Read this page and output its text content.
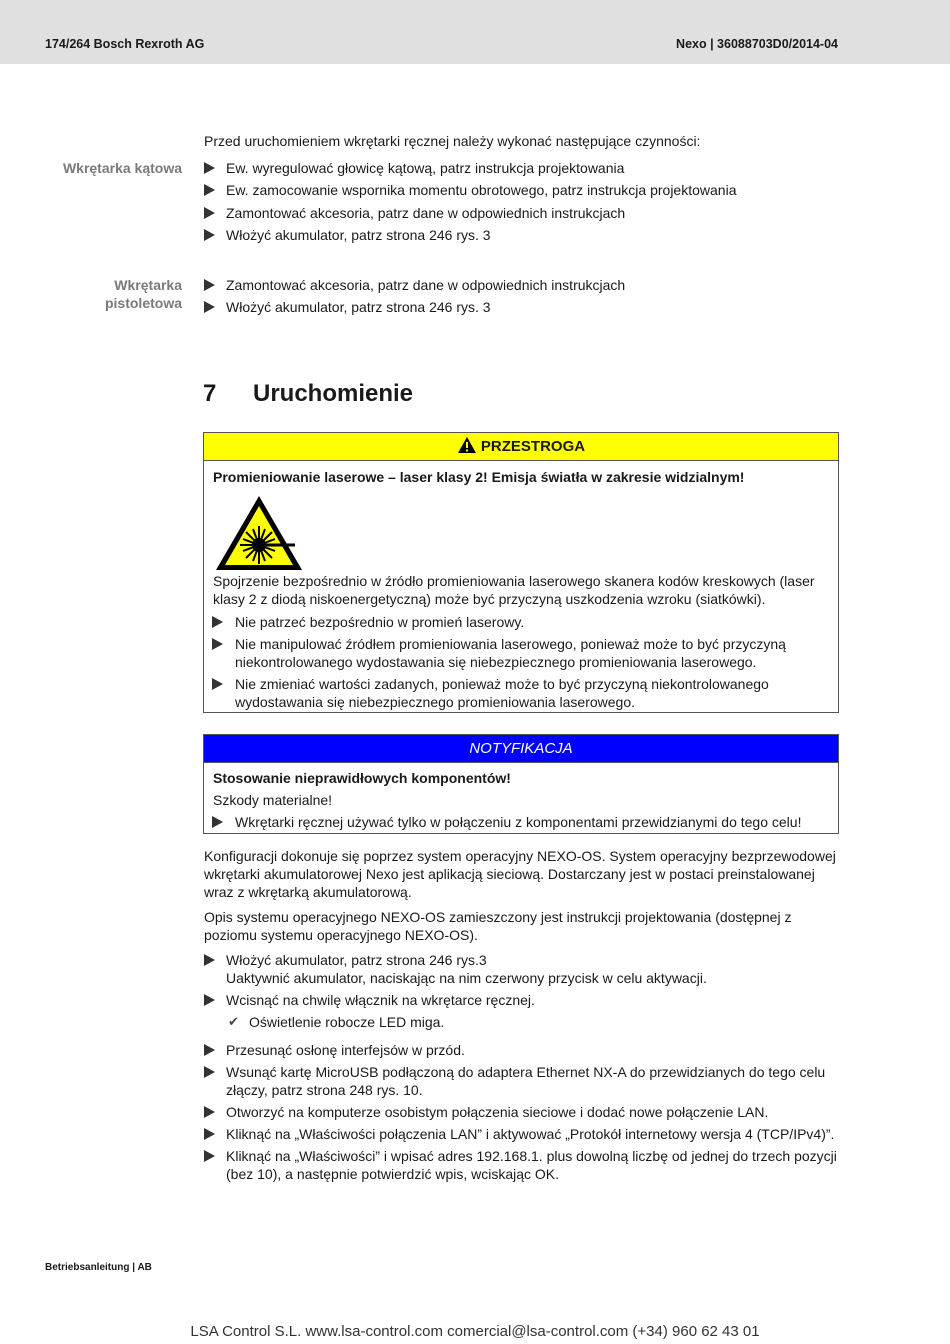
174/264 Bosch Rexroth AG	Nexo | 36088703D0/2014-04
Przed uruchomieniem wkrętarki ręcznej należy wykonać następujące czynności:
Wkrętarka kątowa	Ew. wyregulować głowicę kątową, patrz instrukcja projektowania
Ew. zamocowanie wspornika momentu obrotowego, patrz instrukcja projektowania
Zamontować akcesoria, patrz dane w odpowiednich instrukcjach
Włożyć akumulator, patrz strona 246 rys. 3
Wkrętarka
pistoletowa
Zamontować akcesoria, patrz dane w odpowiednich instrukcjach
Włożyć akumulator, patrz strona 246 rys. 3
7 Uruchomienie
PRZESTROGA
Promieniowanie laserowe – laser klasy 2! Emisja światła w zakresie widzialnym!
Spojrzenie bezpośrednio w źródło promieniowania laserowego skanera kodów kreskowych (laser klasy 2 z diodą niskoenergetyczną) może być przyczyną uszkodzenia wzroku (siatkówki).
Nie patrzeć bezpośrednio w promień laserowy.
Nie manipulować źródłem promieniowania laserowego, ponieważ może to być przyczyną niekontrolowanego wydostawania się niebezpiecznego promieniowania laserowego.
Nie zmieniać wartości zadanych, ponieważ może to być przyczyną niekontrolowanego wydostawania się niebezpiecznego promieniowania laserowego.
NOTYFIKACJA
Stosowanie nieprawidłowych komponentów!
Szkody materialne!
Wkrętarki ręcznej używać tylko w połączeniu z komponentami przewidzianymi do tego celu!
Konfiguracji dokonuje się poprzez system operacyjny NEXO-OS. System operacyjny bezprzewodowej wkrętarki akumulatorowej Nexo jest aplikacją sieciową. Dostarczany jest w postaci preinstalowanej wraz z wkrętarką akumulatorową.
Opis systemu operacyjnego NEXO-OS zamieszczony jest instrukcji projektowania (dostępnej z poziomu systemu operacyjnego NEXO-OS).
Włożyć akumulator, patrz strona 246 rys.3
Uaktywnić akumulator, naciskając na nim czerwony przycisk w celu aktywacji.
Wcisnąć na chwilę włącznik na wkrętarce ręcznej.
✔ Oświetlenie robocze LED miga.
Przesunąć osłonę interfejsów w przód.
Wsunąć kartę MicroUSB podłączoną do adaptera Ethernet NX-A do przewidzianych do tego celu złączy, patrz strona 248 rys. 10.
Otworzyć na komputerze osobistym połączenia sieciowe i dodać nowe połączenie LAN.
Kliknąć na „Właściwości połączenia LAN” i aktywować „Protokół internetowy wersja 4 (TCP/IPv4)”.
Kliknąć na „Właściwości” i wpisać adres 192.168.1. plus dowolną liczbę od jednej do trzech pozycji (bez 10), a następnie potwierdzić wpis, wciskając OK.
Betriebsanleitung | AB
LSA Control S.L. www.lsa-control.com comercial@lsa-control.com (+34) 960 62 43 01
